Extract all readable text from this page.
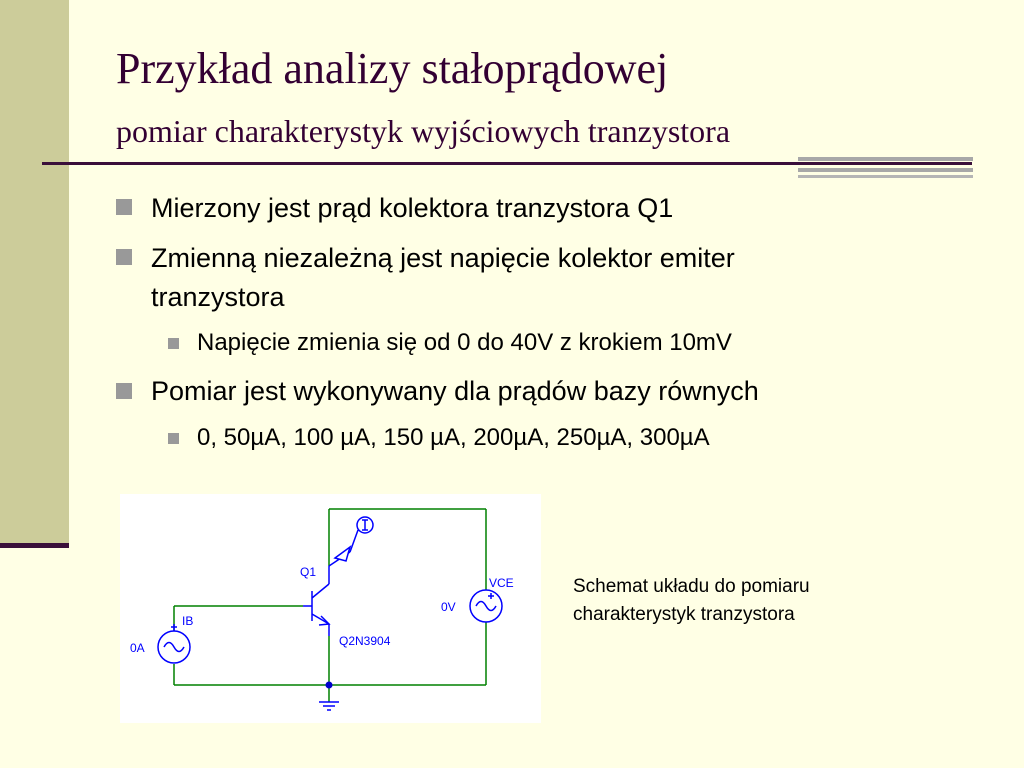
Przykład analizy stałoprądowej
pomiar charakterystyk wyjściowych tranzystora
Mierzony jest prąd kolektora tranzystora Q1
Zmienną niezależną jest napięcie kolektor emiter
tranzystora
Napięcie zmienia się od 0 do 40V z krokiem 10mV
Pomiar jest wykonywany dla prądów bazy równych
0, 50µA, 100 µA, 150 µA, 200µA, 250µA, 300µA
Q1
Q2N3904
VCE
0V
IB
0A
Schemat układu do pomiaru
charakterystyk tranzystora
